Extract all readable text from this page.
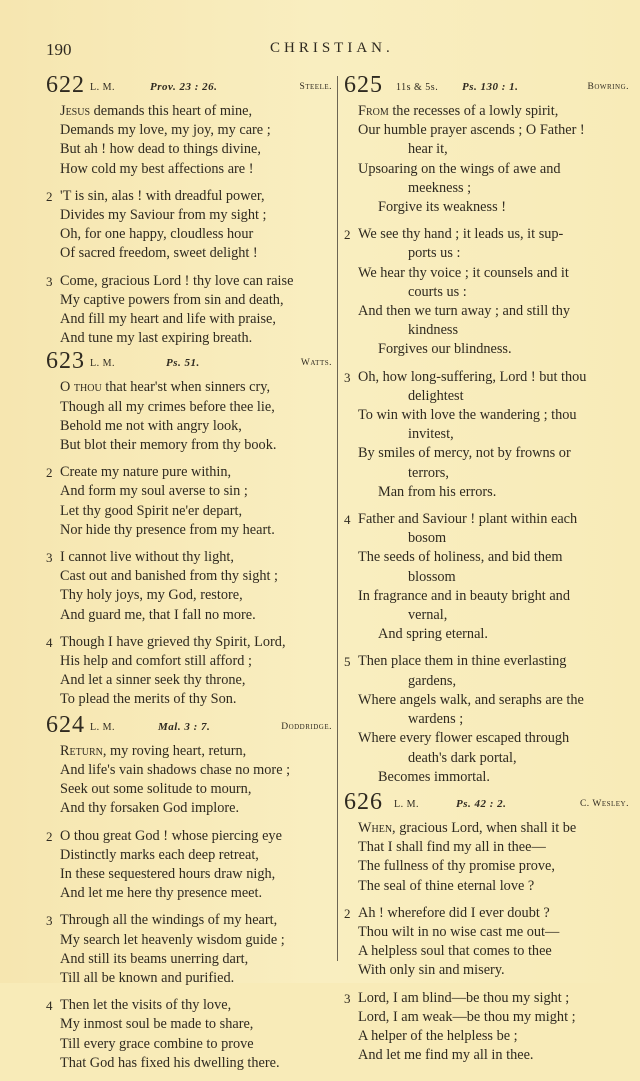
190	CHRISTIAN.
622 L. M.	Prov. 23 : 26.	Steele.
Jesus demands this heart of mine,
Demands my love, my joy, my care ;
But ah ! how dead to things divine,
How cold my best affections are !
2 'T is sin, alas ! with dreadful power,
Divides my Saviour from my sight ;
Oh, for one happy, cloudless hour
Of sacred freedom, sweet delight !
3 Come, gracious Lord ! thy love can raise
My captive powers from sin and death,
And fill my heart and life with praise,
And tune my last expiring breath.
623 L. M.	Ps. 51.	Watts.
O thou that hear'st when sinners cry,
Though all my crimes before thee lie,
Behold me not with angry look,
But blot their memory from thy book.
2 Create my nature pure within,
And form my soul averse to sin ;
Let thy good Spirit ne'er depart,
Nor hide thy presence from my heart.
3 I cannot live without thy light,
Cast out and banished from thy sight ;
Thy holy joys, my God, restore,
And guard me, that I fall no more.
4 Though I have grieved thy Spirit, Lord,
His help and comfort still afford ;
And let a sinner seek thy throne,
To plead the merits of thy Son.
624 L. M.	Mal. 3 : 7.	Doddridge.
Return, my roving heart, return,
And life's vain shadows chase no more ;
Seek out some solitude to mourn,
And thy forsaken God implore.
2 O thou great God ! whose piercing eye
Distinctly marks each deep retreat,
In these sequestered hours draw nigh,
And let me here thy presence meet.
3 Through all the windings of my heart,
My search let heavenly wisdom guide ;
And still its beams unerring dart,
Till all be known and purified.
4 Then let the visits of thy love,
My inmost soul be made to share,
Till every grace combine to prove
That God has fixed his dwelling there.
625 11s & 5s. Ps. 130 : 1.	Bowring.
From the recesses of a lowly spirit,
Our humble prayer ascends ; O Father !
hear it,
Upsoaring on the wings of awe and
meekness ;
Forgive its weakness !
2 We see thy hand ; it leads us, it sup-
ports us :
We hear thy voice ; it counsels and it
courts us :
And then we turn away ; and still thy
kindness
Forgives our blindness.
3 Oh, how long-suffering, Lord ! but thou
delightest
To win with love the wandering ; thou
invitest,
By smiles of mercy, not by frowns or
terrors,
Man from his errors.
4 Father and Saviour ! plant within each
bosom
The seeds of holiness, and bid them
blossom
In fragrance and in beauty bright and
vernal,
And spring eternal.
5 Then place them in thine everlasting
gardens,
Where angels walk, and seraphs are the
wardens ;
Where every flower escaped through
death's dark portal,
Becomes immortal.
626 L. M.	Ps. 42 : 2.	C. Wesley.
When, gracious Lord, when shall it be
That I shall find my all in thee—
The fullness of thy promise prove,
The seal of thine eternal love ?
2 Ah ! wherefore did I ever doubt ?
Thou wilt in no wise cast me out—
A helpless soul that comes to thee
With only sin and misery.
3 Lord, I am blind—be thou my sight ;
Lord, I am weak—be thou my might ;
A helper of the helpless be ;
And let me find my all in thee.
